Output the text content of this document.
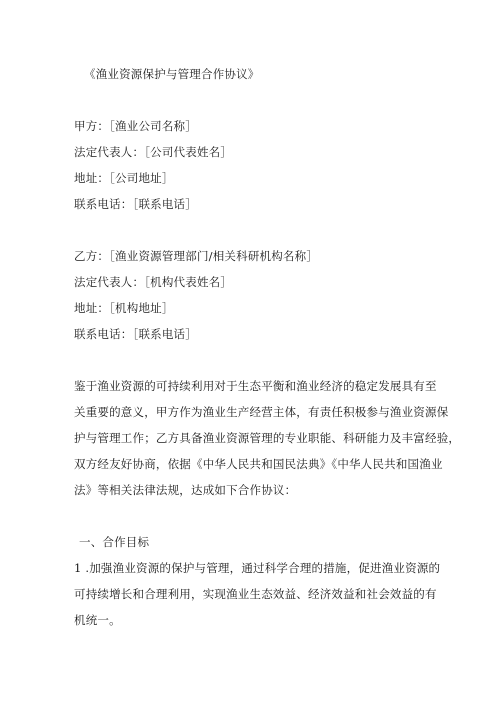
《渔业资源保护与管理合作协议》
甲方：［渔业公司名称］
法定代表人：［公司代表姓名］
地址：［公司地址］
联系电话：［联系电话］
乙方：［渔业资源管理部门/相关科研机构名称］
法定代表人：［机构代表姓名］
地址：［机构地址］
联系电话：［联系电话］
鉴于渔业资源的可持续利用对于生态平衡和渔业经济的稳定发展具有至
关重要的意义，甲方作为渔业生产经营主体，有责任积极参与渔业资源保
护与管理工作；乙方具备渔业资源管理的专业职能、科研能力及丰富经验，
双方经友好协商，依据《中华人民共和国民法典》《中华人民共和国渔业
法》等相关法律法规，达成如下合作协议：
一、合作目标
1 .加强渔业资源的保护与管理，通过科学合理的措施，促进渔业资源的
可持续增长和合理利用，实现渔业生态效益、经济效益和社会效益的有
机统一。
